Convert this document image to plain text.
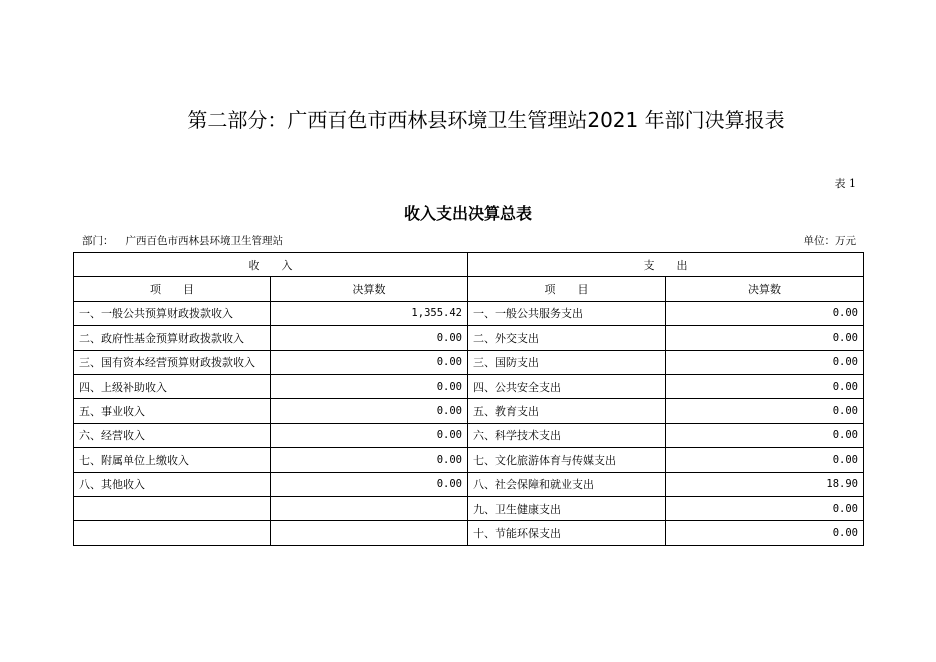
第二部分：广西百色市西林县环境卫生管理站2021 年部门决算报表
表 1
收入支出决算总表
部门： 广西百色市西林县环境卫生管理站	单位：万元
收　　入		支　　出	
项　　目	决算数	项　　目	决算数
一、一般公共预算财政拨款收入	1,355.42	一、一般公共服务支出	0.00
二、政府性基金预算财政拨款收入	0.00	二、外交支出	0.00
三、国有资本经营预算财政拨款收入	0.00	三、国防支出	0.00
四、上级补助收入	0.00	四、公共安全支出	0.00
五、事业收入	0.00	五、教育支出	0.00
六、经营收入	0.00	六、科学技术支出	0.00
七、附属单位上缴收入	0.00	七、文化旅游体育与传媒支出	0.00
八、其他收入	0.00	八、社会保障和就业支出	18.90
		九、卫生健康支出	0.00
		十、节能环保支出	0.00
